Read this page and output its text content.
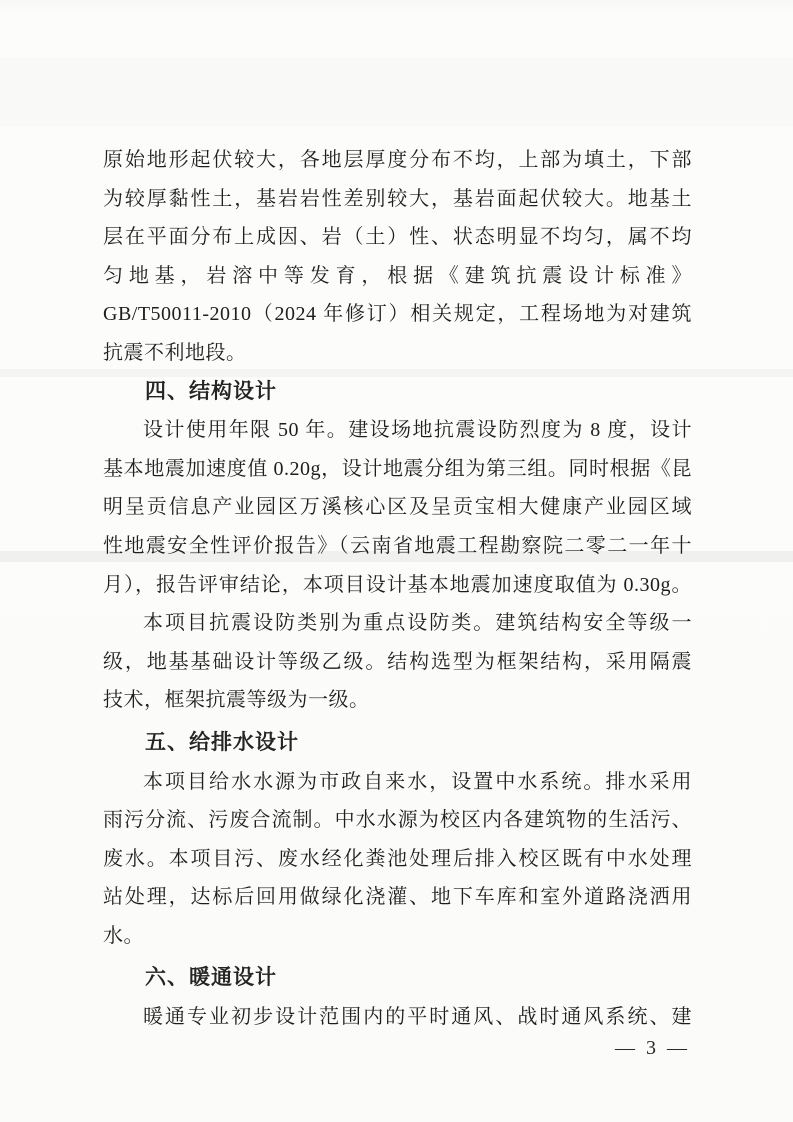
原始地形起伏较大，各地层厚度分布不均，上部为填土，下部

为较厚黏性土，基岩岩性差别较大，基岩面起伏较大。地基土

层在平面分布上成因、岩（土）性、状态明显不均匀，属不均

匀地基，岩溶中等发育，根据《建筑抗震设计标准》

GB/T50011-2010（2024 年修订）相关规定，工程场地为对建筑

抗震不利地段。

四、结构设计

设计使用年限 50 年。建设场地抗震设防烈度为 8 度，设计

基本地震加速度值 0.20g，设计地震分组为第三组。同时根据《昆

明呈贡信息产业园区万溪核心区及呈贡宝相大健康产业园区域

性地震安全性评价报告》（云南省地震工程勘察院二零二一年十

月），报告评审结论，本项目设计基本地震加速度取值为 0.30g。

本项目抗震设防类别为重点设防类。建筑结构安全等级一

级，地基基础设计等级乙级。结构选型为框架结构，采用隔震

技术，框架抗震等级为一级。

五、给排水设计

本项目给水水源为市政自来水，设置中水系统。排水采用

雨污分流、污废合流制。中水水源为校区内各建筑物的生活污、

废水。本项目污、废水经化粪池处理后排入校区既有中水处理

站处理，达标后回用做绿化浇灌、地下车库和室外道路浇洒用

水。

六、暖通设计

暖通专业初步设计范围内的平时通风、战时通风系统、建

— 3 —
